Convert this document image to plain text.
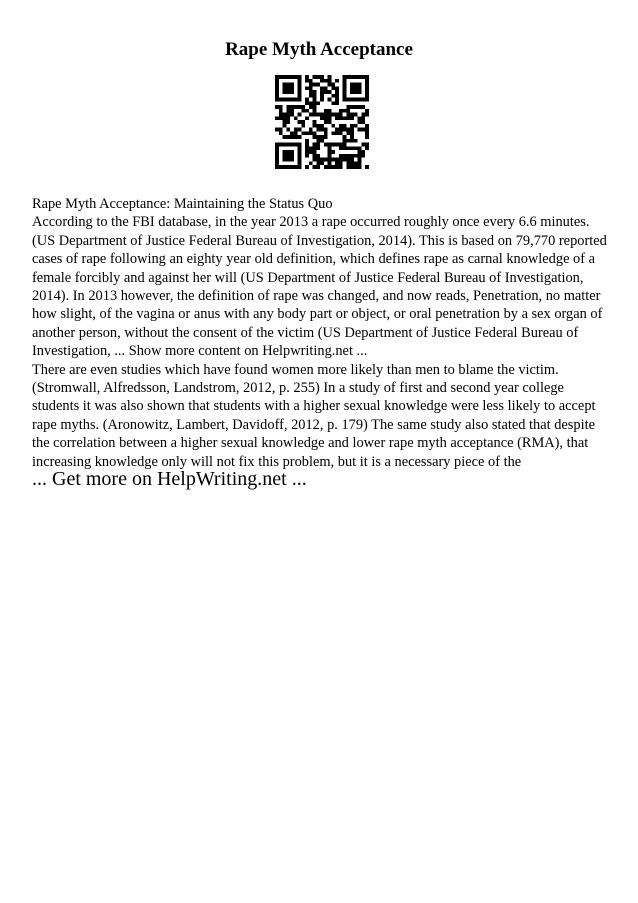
Rape Myth Acceptance

Rape Myth Acceptance: Maintaining the Status Quo

According to the FBI database, in the year 2013 a rape occurred roughly once every 6.6 minutes. (US Department of Justice Federal Bureau of Investigation, 2014). This is based on 79,770 reported cases of rape following an eighty year old definition, which defines rape as carnal knowledge of a female forcibly and against her will (US Department of Justice Federal Bureau of Investigation, 2014). In 2013 however, the definition of rape was changed, and now reads, Penetration, no matter how slight, of the vagina or anus with any body part or object, or oral penetration by a sex organ of another person, without the consent of the victim (US Department of Justice Federal Bureau of Investigation, ... Show more content on Helpwriting.net ...

There are even studies which have found women more likely than men to blame the victim. (Stromwall, Alfredsson, Landstrom, 2012, p. 255) In a study of first and second year college students it was also shown that students with a higher sexual knowledge were less likely to accept rape myths. (Aronowitz, Lambert, Davidoff, 2012, p. 179) The same study also stated that despite the correlation between a higher sexual knowledge and lower rape myth acceptance (RMA), that increasing knowledge only will not fix this problem, but it is a necessary piece of the

... Get more on HelpWriting.net ...
